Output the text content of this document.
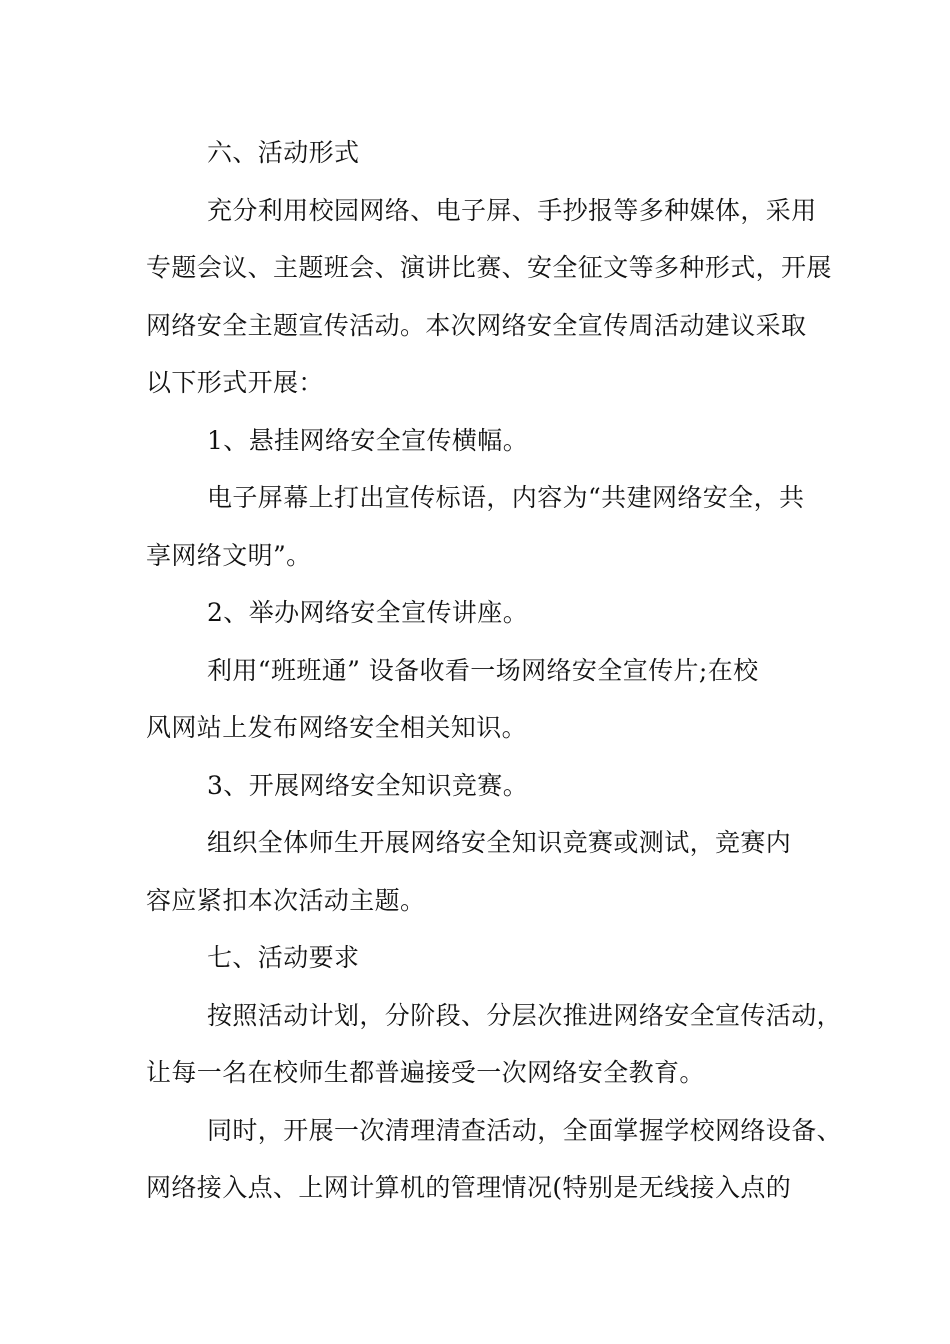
六、活动形式
充分利用校园网络、电子屏、手抄报等多种媒体，采用
专题会议、主题班会、演讲比赛、安全征文等多种形式，开展
网络安全主题宣传活动。本次网络安全宣传周活动建议采取
以下形式开展：
1、悬挂网络安全宣传横幅。
电子屏幕上打出宣传标语，内容为“共建网络安全，共
享网络文明”。
2、举办网络安全宣传讲座。
利用“班班通” 设备收看一场网络安全宣传片;在校
风网站上发布网络安全相关知识。
3、开展网络安全知识竞赛。
组织全体师生开展网络安全知识竞赛或测试，竞赛内
容应紧扣本次活动主题。
七、活动要求
按照活动计划，分阶段、分层次推进网络安全宣传活动，
让每一名在校师生都普遍接受一次网络安全教育。
同时，开展一次清理清查活动，全面掌握学校网络设备、
网络接入点、上网计算机的管理情况(特别是无线接入点的
